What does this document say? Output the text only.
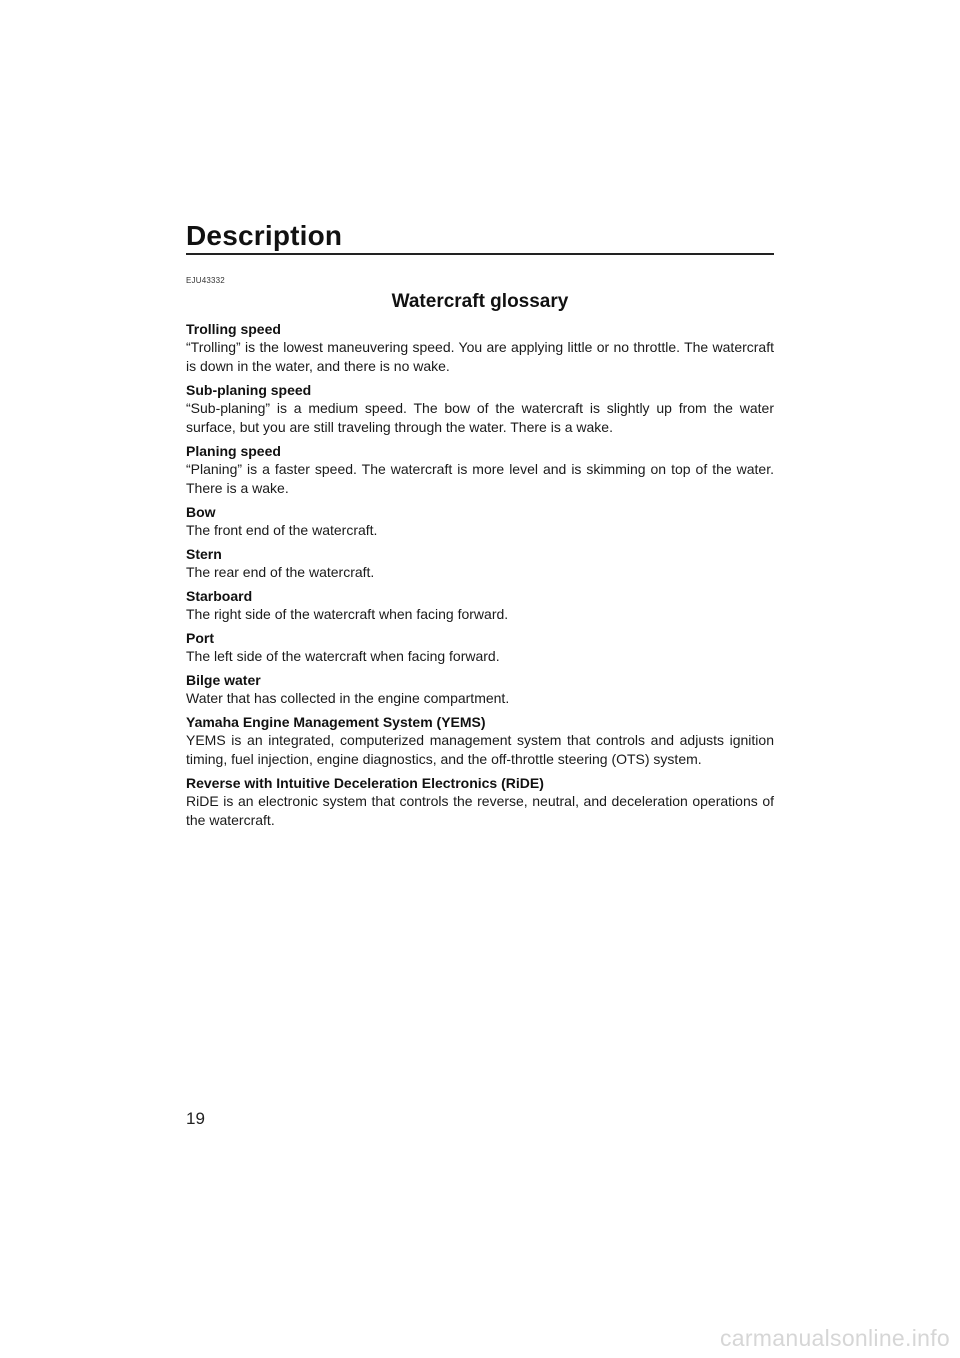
Description
EJU43332
Watercraft glossary
Trolling speed
“Trolling” is the lowest maneuvering speed. You are applying little or no throttle. The watercraft is down in the water, and there is no wake.
Sub-planing speed
“Sub-planing” is a medium speed. The bow of the watercraft is slightly up from the water surface, but you are still traveling through the water. There is a wake.
Planing speed
“Planing” is a faster speed. The watercraft is more level and is skimming on top of the water. There is a wake.
Bow
The front end of the watercraft.
Stern
The rear end of the watercraft.
Starboard
The right side of the watercraft when facing forward.
Port
The left side of the watercraft when facing forward.
Bilge water
Water that has collected in the engine compartment.
Yamaha Engine Management System (YEMS)
YEMS is an integrated, computerized management system that controls and adjusts ignition timing, fuel injection, engine diagnostics, and the off-throttle steering (OTS) system.
Reverse with Intuitive Deceleration Electronics (RiDE)
RiDE is an electronic system that controls the reverse, neutral, and deceleration operations of the watercraft.
19
carmanualsonline.info
